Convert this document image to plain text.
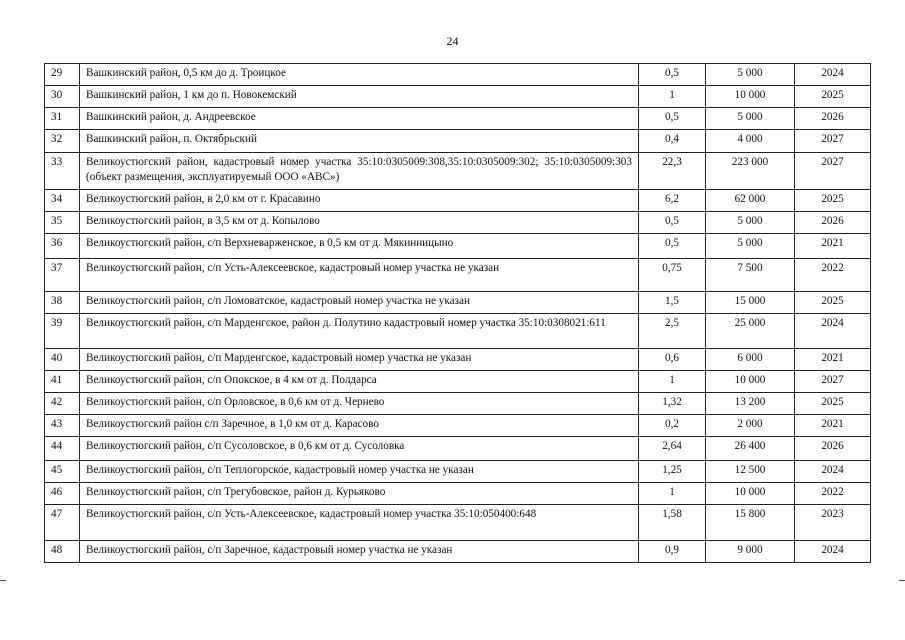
24
29	Вашкинский район, 0,5 км до д. Троицкое	0,5	5 000	2024
30	Вашкинский район, 1 км до п. Новокемский	1	10 000	2025
31	Вашкинский район, д. Андреевское	0,5	5 000	2026
32	Вашкинский район, п. Октябрьский	0,4	4 000	2027
33	Великоустюгский район, кадастровый номер участка 35:10:0305009:308,35:10:0305009:302; 35:10:0305009:303 (объект размещения, эксплуатируемый ООО «АВС»)	22,3	223 000	2027
34	Великоустюгский район, в 2,0 км от г. Красавино	6,2	62 000	2025
35	Великоустюгский район, в 3,5 км от д. Копылово	0,5	5 000	2026
36	Великоустюгский район, с/п Верхневарженское, в 0,5 км от д. Мякинницыно	0,5	5 000	2021
37	Великоустюгский район, с/п Усть-Алексеевское, кадастровый номер участка не указан	0,75	7 500	2022
38	Великоустюгский район, с/п Ломоватское, кадастровый номер участка не указан	1,5	15 000	2025
39	Великоустюгский район, с/п Марденгское, район д. Полутино кадастровый номер участка 35:10:0308021:611	2,5	25 000	2024
40	Великоустюгский район, с/п Марденгское, кадастровый номер участка не указан	0,6	6 000	2021
41	Великоустюгский район, с/п Опокское, в 4 км от д. Полдарса	1	10 000	2027
42	Великоустюгский район, с/п Орловское, в 0,6 км от д. Чернево	1,32	13 200	2025
43	Великоустюгский район с/п Заречное, в 1,0 км от д. Карасово	0,2	2 000	2021
44	Великоустюгский район, с/п Сусоловское, в 0,6 км от д. Сусоловка	2,64	26 400	2026
45	Великоустюгский район, с/п Теплогорское, кадастровый номер участка не указан	1,25	12 500	2024
46	Великоустюгский район, с/п Трегубовское, район д. Курьяково	1	10 000	2022
47	Великоустюгский район, с/п Усть-Алексеевское, кадастровый номер участка 35:10:050400:648	1,58	15 800	2023
48	Великоустюгский район, с/п Заречное, кадастровый номер участка не указан	0,9	9 000	2024
